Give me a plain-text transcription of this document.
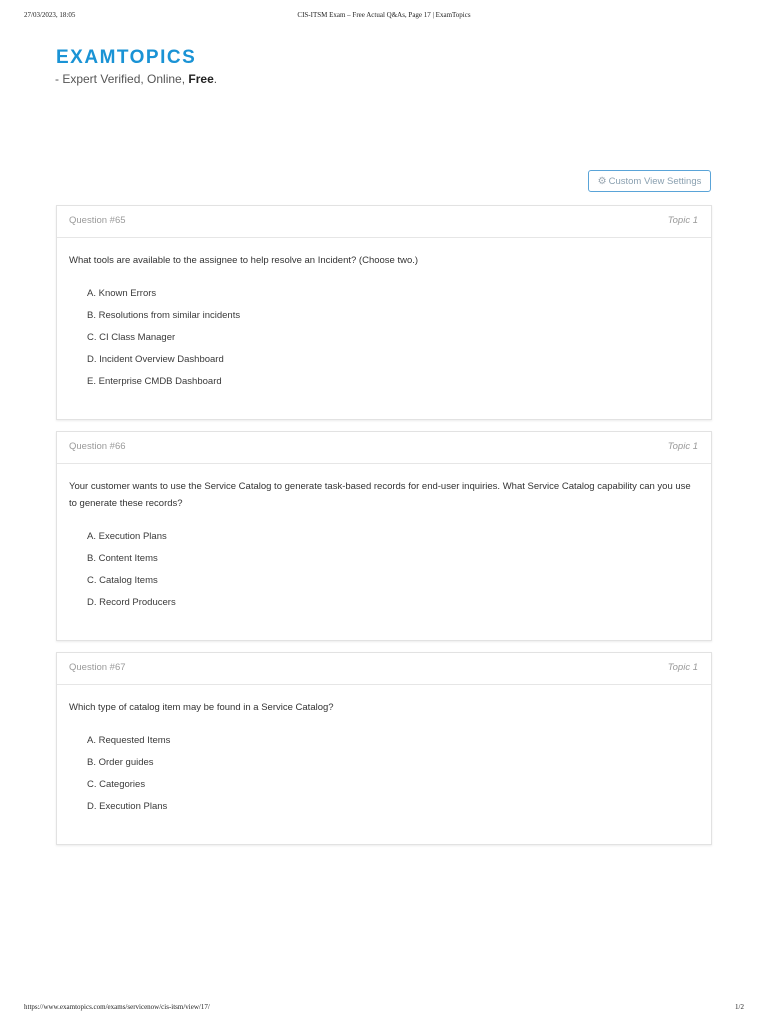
27/03/2023, 18:05	CIS-ITSM Exam – Free Actual Q&As, Page 17 | ExamTopics
EXAMTOPICS
- Expert Verified, Online, Free.
⚙ Custom View Settings
Question #65	Topic 1

What tools are available to the assignee to help resolve an Incident? (Choose two.)

A. Known Errors
B. Resolutions from similar incidents
C. CI Class Manager
D. Incident Overview Dashboard
E. Enterprise CMDB Dashboard
Question #66	Topic 1

Your customer wants to use the Service Catalog to generate task-based records for end-user inquiries. What Service Catalog capability can you use to generate these records?

A. Execution Plans
B. Content Items
C. Catalog Items
D. Record Producers
Question #67	Topic 1

Which type of catalog item may be found in a Service Catalog?

A. Requested Items
B. Order guides
C. Categories
D. Execution Plans
https://www.examtopics.com/exams/servicenow/cis-itsm/view/17/	1/2
